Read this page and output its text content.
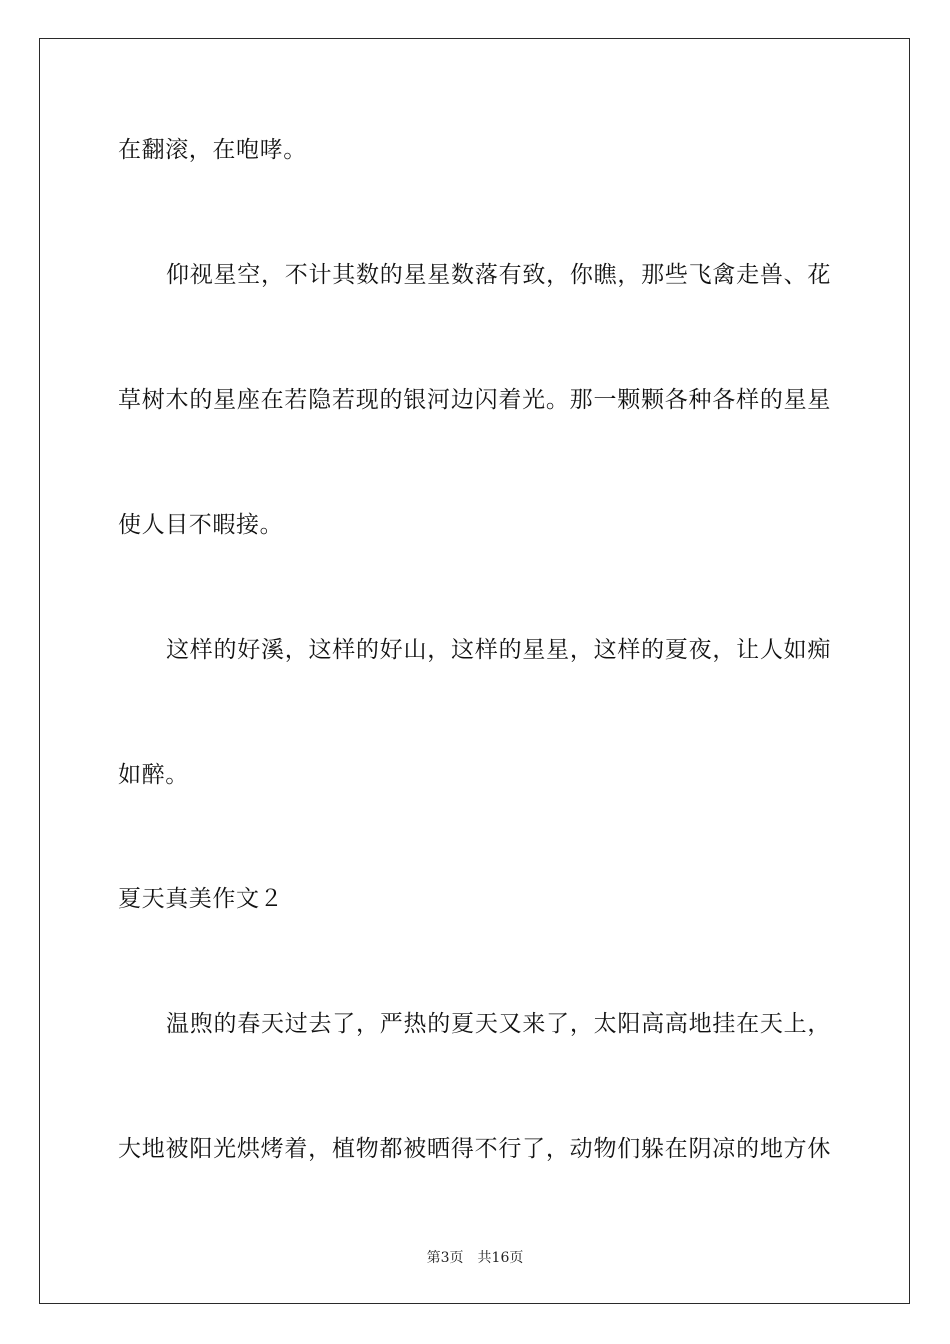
在翻滚，在咆哮。
仰视星空，不计其数的星星数落有致，你瞧，那些飞禽走兽、花
草树木的星座在若隐若现的银河边闪着光。那一颗颗各种各样的星星
使人目不暇接。
这样的好溪，这样的好山，这样的星星，这样的夏夜，让人如痴
如醉。
夏天真美作文２
温煦的春天过去了，严热的夏天又来了，太阳高高地挂在天上，
大地被阳光烘烤着，植物都被晒得不行了，动物们躲在阴凉的地方休
第3页 共16页
